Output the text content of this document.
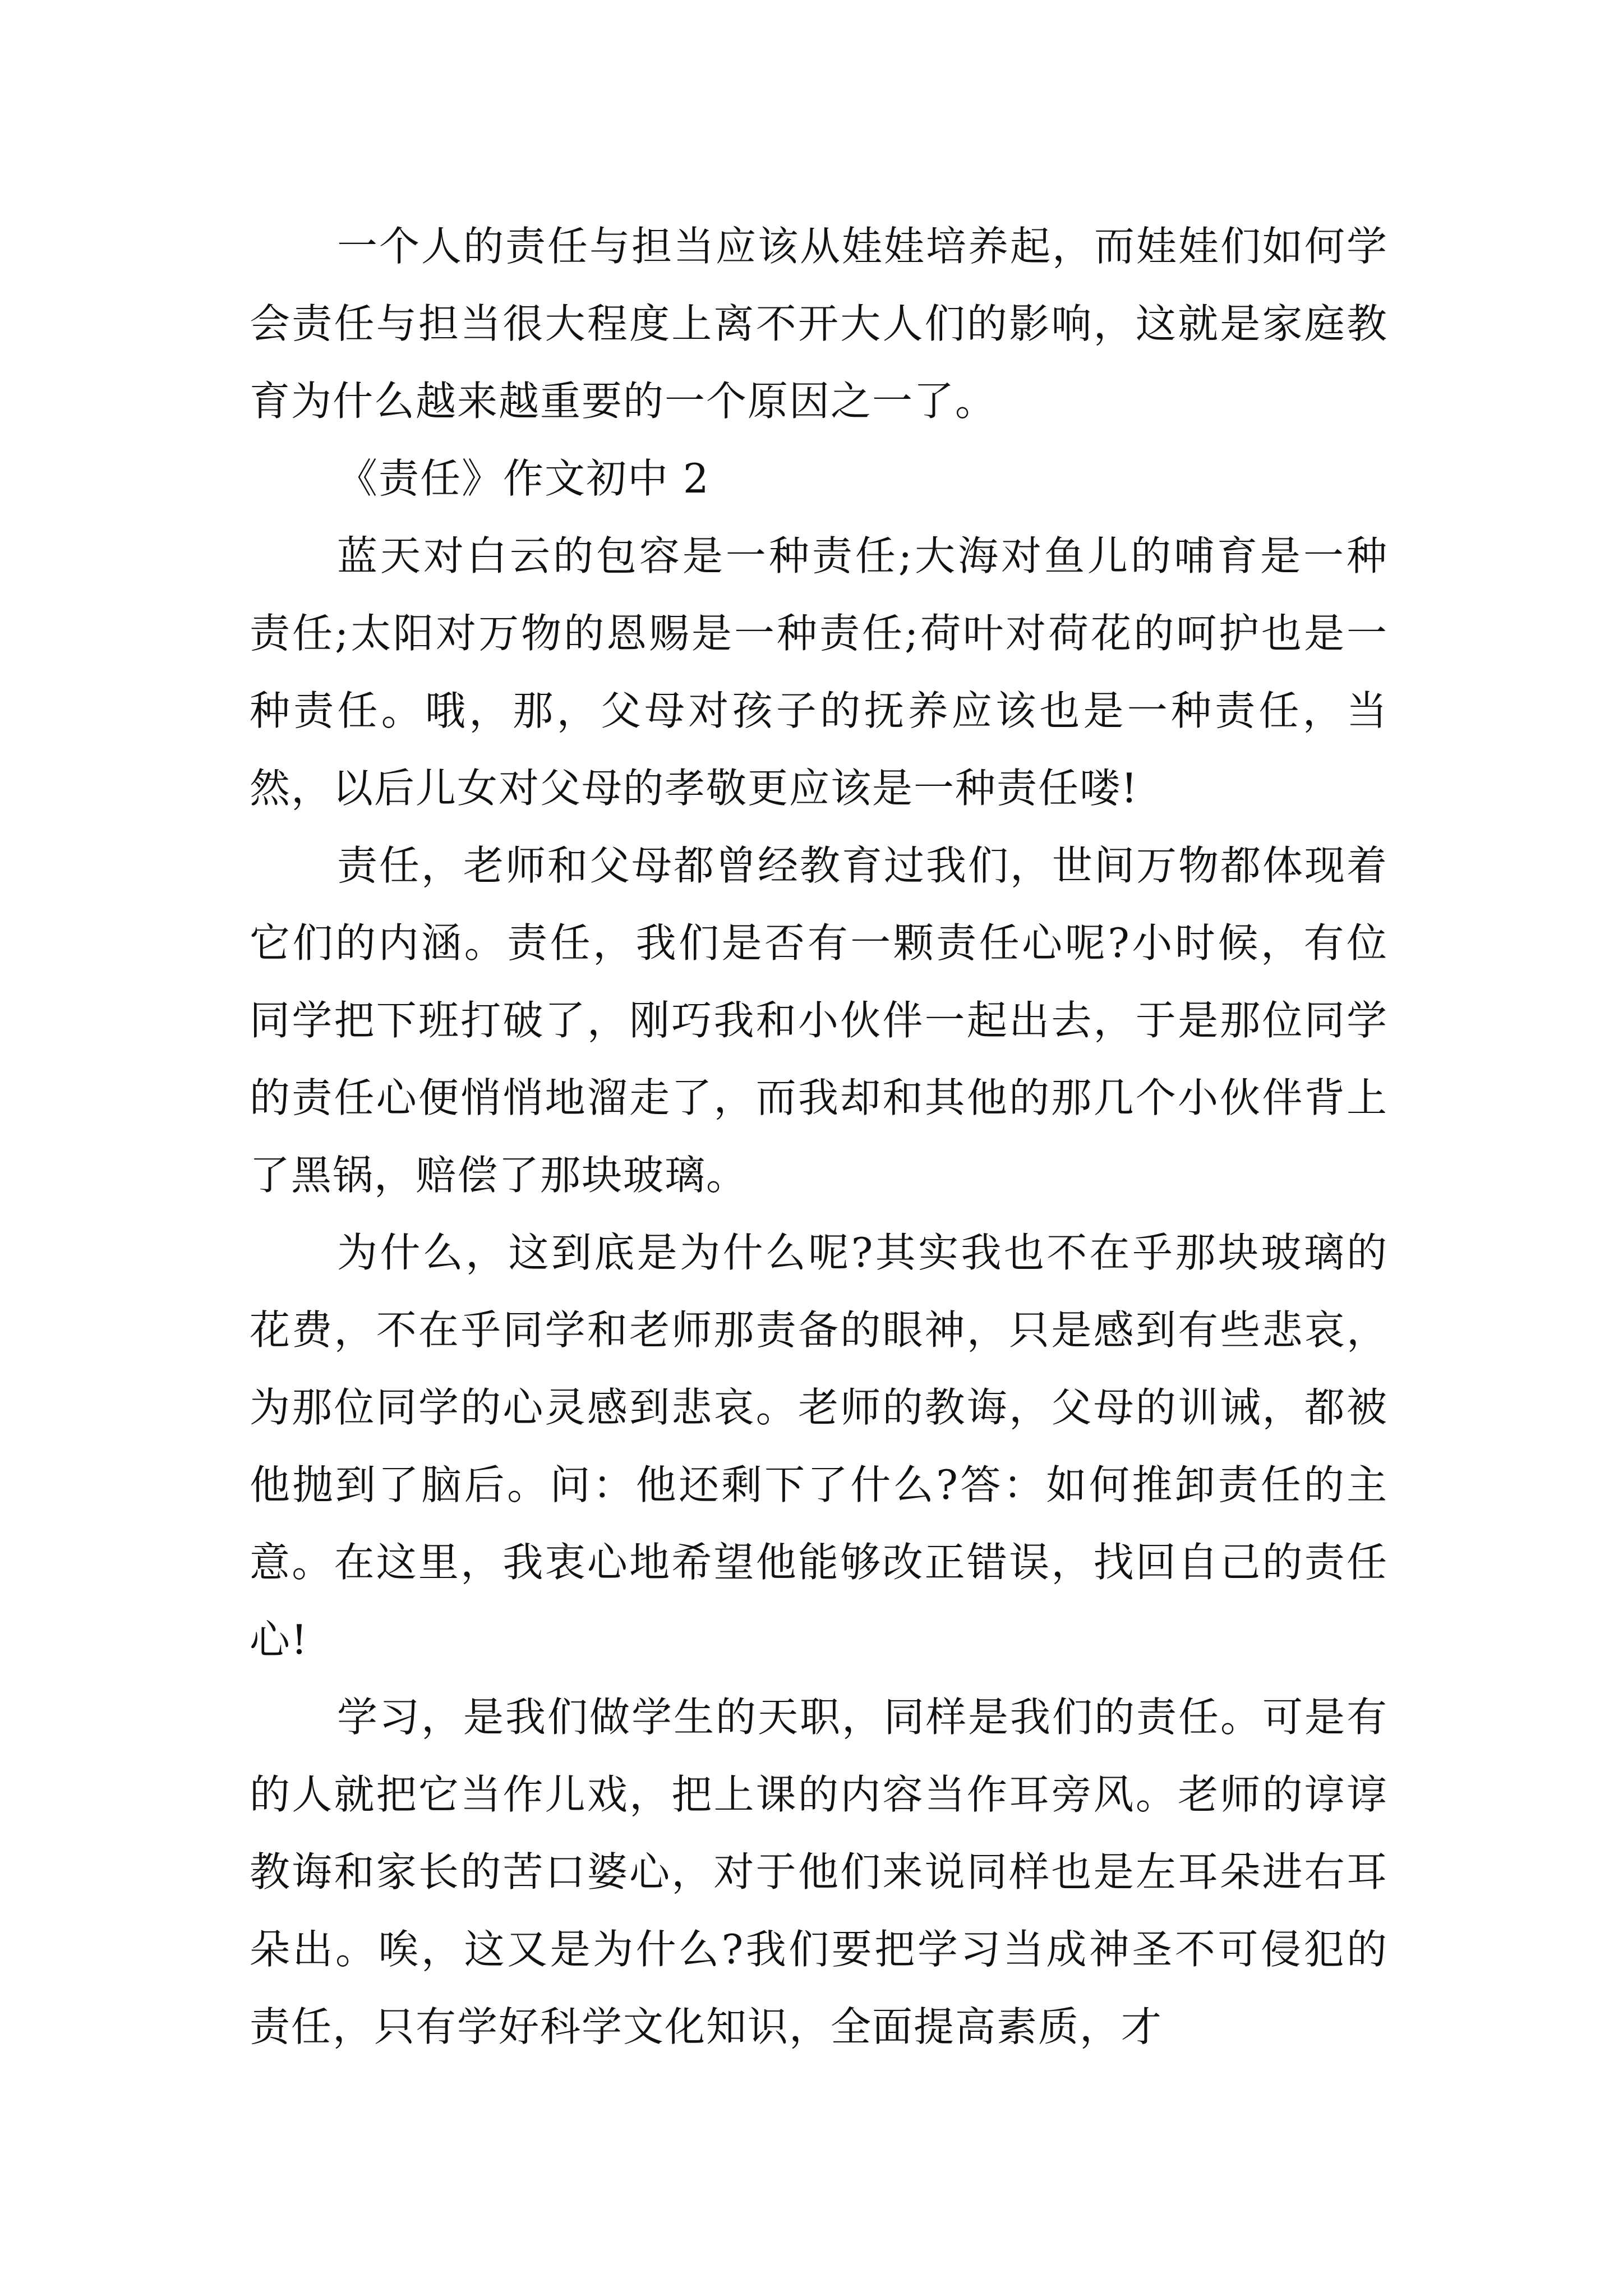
一个人的责任与担当应该从娃娃培养起，而娃娃们如何学会责任与担当很大程度上离不开大人们的影响，这就是家庭教育为什么越来越重要的一个原因之一了。

《责任》作文初中 2

蓝天对白云的包容是一种责任;大海对鱼儿的哺育是一种责任;太阳对万物的恩赐是一种责任;荷叶对荷花的呵护也是一种责任。哦，那，父母对孩子的抚养应该也是一种责任，当然，以后儿女对父母的孝敬更应该是一种责任喽!

责任，老师和父母都曾经教育过我们，世间万物都体现着它们的内涵。责任，我们是否有一颗责任心呢?小时候，有位同学把下班打破了，刚巧我和小伙伴一起出去，于是那位同学的责任心便悄悄地溜走了，而我却和其他的那几个小伙伴背上了黑锅，赔偿了那块玻璃。

为什么，这到底是为什么呢?其实我也不在乎那块玻璃的花费，不在乎同学和老师那责备的眼神，只是感到有些悲哀，为那位同学的心灵感到悲哀。老师的教诲，父母的训诫，都被他抛到了脑后。问：他还剩下了什么?答：如何推卸责任的主意。在这里，我衷心地希望他能够改正错误，找回自己的责任心!

学习，是我们做学生的天职，同样是我们的责任。可是有的人就把它当作儿戏，把上课的内容当作耳旁风。老师的谆谆教诲和家长的苦口婆心，对于他们来说同样也是左耳朵进右耳朵出。唉，这又是为什么?我们要把学习当成神圣不可侵犯的责任，只有学好科学文化知识，全面提高素质，才
